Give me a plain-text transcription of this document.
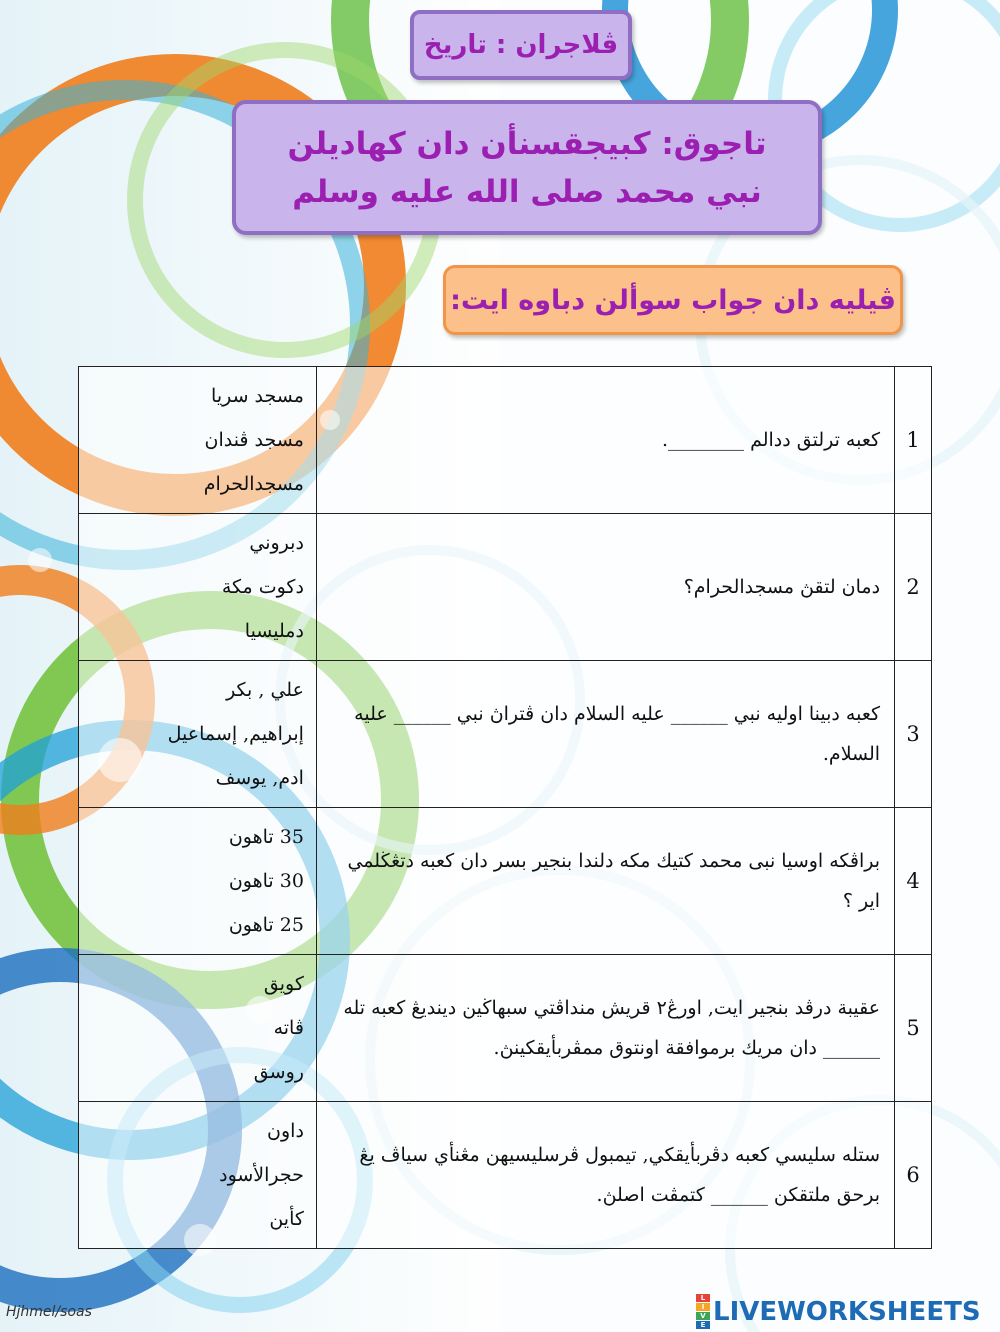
ڤلاجران : تاريخ
تاجوق: كبيجقسنأن دان كهاديلن نبي محمد صلى الله عليه وسلم
ڤيليه دان جواب سوألن دباوه ايت:
مسجد سريا
مسجد ڤندان
مسجدالحرام	كعبه ترلتق ددالم ________.	1

دبروني
دكوت مكة
دمليسيا	دمان لتقڽ مسجدالحرام؟	2

علي , بكر
إبراهيم, إسماعيل
ادم, يوسف	كعبه دبينا اوليه نبي ______ عليه السلام دان ڤتراڽ نبي ______ عليه السلام.	3

35 تاهون
30 تاهون
25 تاهون	براڤكه اوسيا نبى محمد كتيك مكه دلندا بنجير بسر دان كعبه دتڠڬلمي اير ؟	4

كويق
ڤاته
روسق	عقيبة درڤد بنجير ايت, اورڠ٢ قريش منداڤتي سبهاڬين دينديڠ كعبه تله ______ دان مريك برموافقة اونتوق ممڤربأيقكينڽ.	5

داون
حجرالأسود
كأين	ستله سليسي كعبه دڤربأيقكي, تيمبول ڤرسليسيهن مڠنأي سياڤ يڠ برحق ملتقكن ______ كتمڤت اصلڽ.	6
Hjhmel/soas
L
I
V
E LIVEWORKSHEETS
